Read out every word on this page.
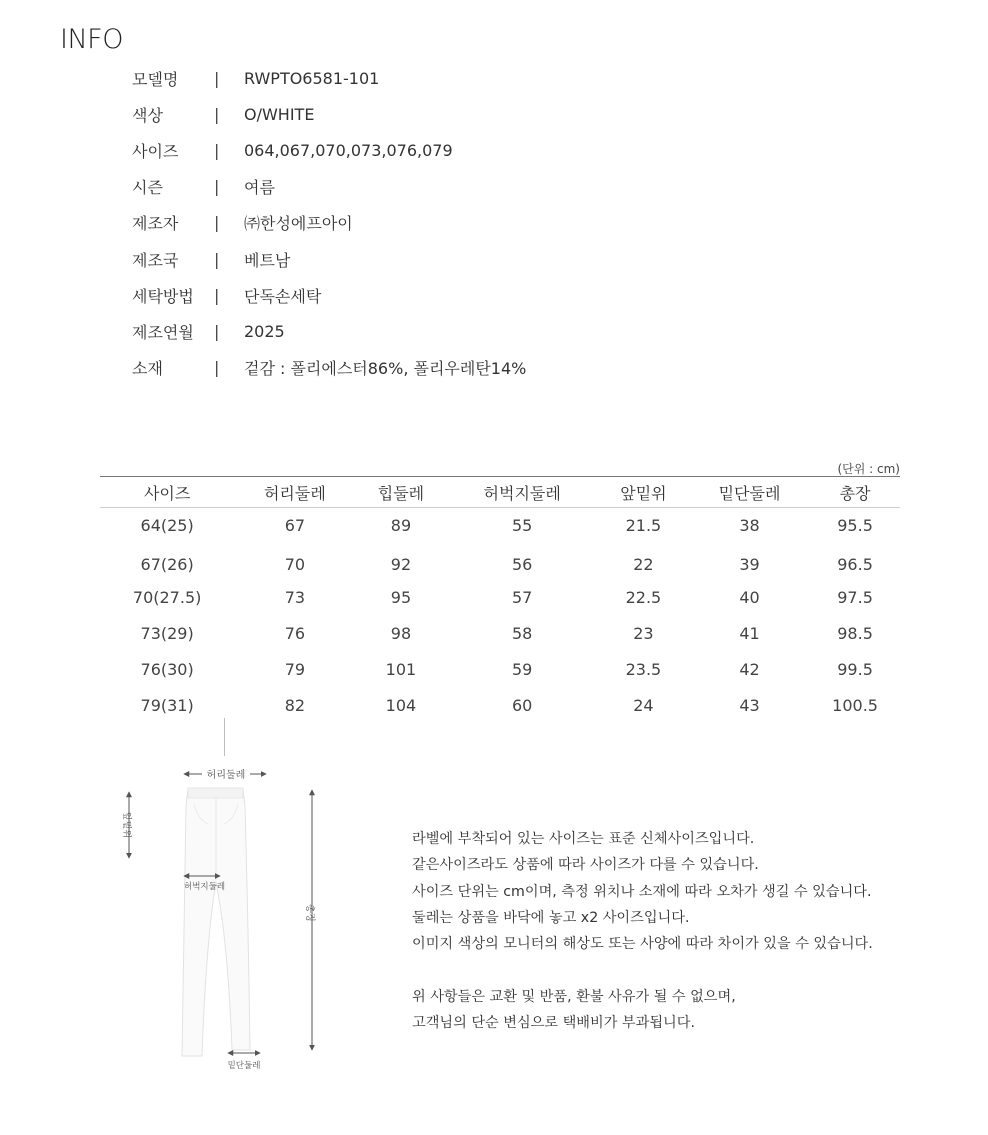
INFO
모델명	|	RWPTO6581-101
색상	|	O/WHITE
사이즈	|	064,067,070,073,076,079
시즌	|	여름
제조자	|	㈜한성에프아이
제조국	|	베트남
세탁방법	|	단독손세탁
제조연월	|	2025
소재	|	겉감 : 폴리에스터86%, 폴리우레탄14%
(단위 : cm)
사이즈	허리둘레	힙둘레	허벅지둘레	앞밑위	밑단둘레	총장
64(25)	67	89	55	21.5	38	95.5
67(26)	70	92	56	22	39	96.5
70(27.5)	73	95	57	22.5	40	97.5
73(29)	76	98	58	23	41	98.5
76(30)	79	101	59	23.5	42	99.5
79(31)	82	104	60	24	43	100.5
허리둘레
앞밑위
허벅지둘레
총장
밑단둘레

라벨에 부착되어 있는 사이즈는 표준 신체사이즈입니다.

같은사이즈라도 상품에 따라 사이즈가 다를 수 있습니다.

사이즈 단위는 cm이며, 측정 위치나 소재에 따라 오차가 생길 수 있습니다.

둘레는 상품을 바닥에 놓고 x2 사이즈입니다.

이미지 색상의 모니터의 해상도 또는 사양에 따라 차이가 있을 수 있습니다.

위 사항들은 교환 및 반품, 환불 사유가 될 수 없으며,

고객님의 단순 변심으로 택배비가 부과됩니다.
